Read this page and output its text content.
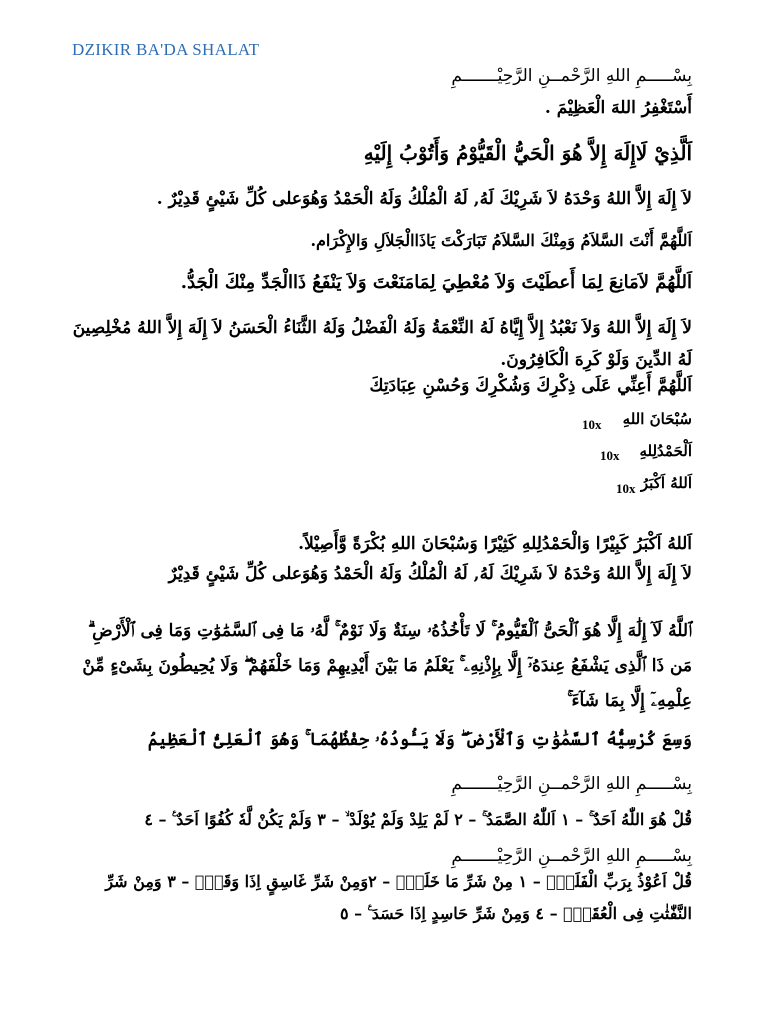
DZIKIR BA'DA SHALAT
بِسْـــــمِ اللهِ الرَّحْمــنِ الرَّحِيْـــــــمِ
أَسْتَغْفِرُ اللهَ الْعَظِيْمَ .
اَلَّذِيْ لَاإِلَهَ إِلاَّ هُوَ الْحَيُّ الْقَيُّوْمُ وَأَتُوْبُ إِلَيْهِ
لاَ إِلَهَ إِلاَّ اللهُ وَحْدَهُ لاَ شَرِيْكَ لَهُ, لَهُ الْمُلْكُ وَلَهُ الْحَمْدُ وَهُوَعلى كُلِّ شَيْئٍ قَدِيْرٌ .
اَللَّهُمَّ أَنْتَ السَّلاَمُ وَمِنْكَ السَّلاَمُ تَبَارَكْتَ يَاذَاالْجَلاَلِ وَالإِكْرَام.
اَللَّهُمَّ لاَمَانِعَ لِمَا أَعطَيْتَ وَلاَ مُعْطِيَ لِمَامَنَعْتَ وَلاَ يَنْفَعُ ذَاالْجَدِّ مِنْكَ الْجَدُّ.
لاَ إِلَهَ إِلاَّ اللهُ وَلاَ نَعْبُدُ إِلاَّ إِيَّاهُ لَهُ النِّعْمَةُ وَلَهُ الْفَضْلُ وَلَهُ الثَّنَاءُ الْحَسَنُ لاَ إِلَهَ إِلاَّ اللهُ مُخْلِصِينَ لَهُ الدِّينَ وَلَوْ كَرِهَ الْكَافِرُونَ.
اَللَّهُمَّ أَعِنِّي عَلَى ذِكْرِكَ وَشُكْرِكَ وَحُسْنِ عِبَادَتِكَ
سُبْحَانَ اللهِ
10x
اَلْحَمْدُلِلهِ
10x
اَللهُ اَكْبَرُ
10x
اَللهُ اَكْبَرُ كَبِيْرًا وَالْحَمْدُلِلهِ كَثِيْرًا وَسُبْحَانَ اللهِ بُكْرَةً وَّأَصِيْلاً.
لاَ إِلَهَ إِلاَّ اللهُ وَحْدَهُ لاَ شَرِيْكَ لَهُ, لَهُ الْمُلْكُ وَلَهُ الْحَمْدُ وَهُوَعلى كُلِّ شَيْئٍ قَدِيْرٌ
ٱللَّهُ لَآ إِلَٰهَ إِلَّا هُوَ ٱلْحَىُّ ٱلْقَيُّومُ ۚ لَا تَأْخُذُهُۥ سِنَةٌ وَلَا نَوْمٌ ۚ لَّهُۥ مَا فِى ٱلسَّمَٰوَٰتِ وَمَا فِى ٱلْأَرْضِ ۗ مَن ذَا ٱلَّذِى يَشْفَعُ عِندَهُۥٓ إِلَّا بِإِذْنِهِۦ ۚ يَعْلَمُ مَا بَيْنَ أَيْدِيهِمْ وَمَا خَلْفَهُمْ ۖ وَلَا يُحِيطُونَ بِشَىْءٍ مِّنْ عِلْمِهِۦٓ إِلَّا بِمَا شَآءَ ۚ
وَسِعَ كُرْسِيُّهُ ٱلسَّمَٰوَٰتِ وَٱلْأَرْضَ ۖ وَلَا يَـُٔودُهُۥ حِفْظُهُمَا ۚ وَهُوَ ٱلْعَلِىُّ ٱلْعَظِيمُ
بِسْـــــمِ اللهِ الرَّحْمــنِ الرَّحِيْـــــــمِ
قُلْ هُوَ اللّٰهُ اَحَدٌ ۚ – ١ اَللّٰهُ الصَّمَدُ ۚ – ٢ لَمْ يَلِدْ وَلَمْ يُوْلَدْ ۙ – ٣ وَلَمْ يَكُنْ لَّهٗ كُفُوًا اَحَدٌ ࣖ – ٤
بِسْـــــمِ اللهِ الرَّحْمــنِ الرَّحِيْـــــــمِ
قُلْ اَعُوْذُ بِرَبِّ الْفَلَقِۙ – ١ مِنْ شَرِّ مَا خَلَقَۙ – ٢وَمِنْ شَرِّ غَاسِقٍ اِذَا وَقَبَۙ – ٣ وَمِنْ شَرِّ النَّفّٰثٰتِ فِى الْعُقَدِۙ – ٤ وَمِنْ شَرِّ حَاسِدٍ اِذَا حَسَدَ ࣖ – ٥
